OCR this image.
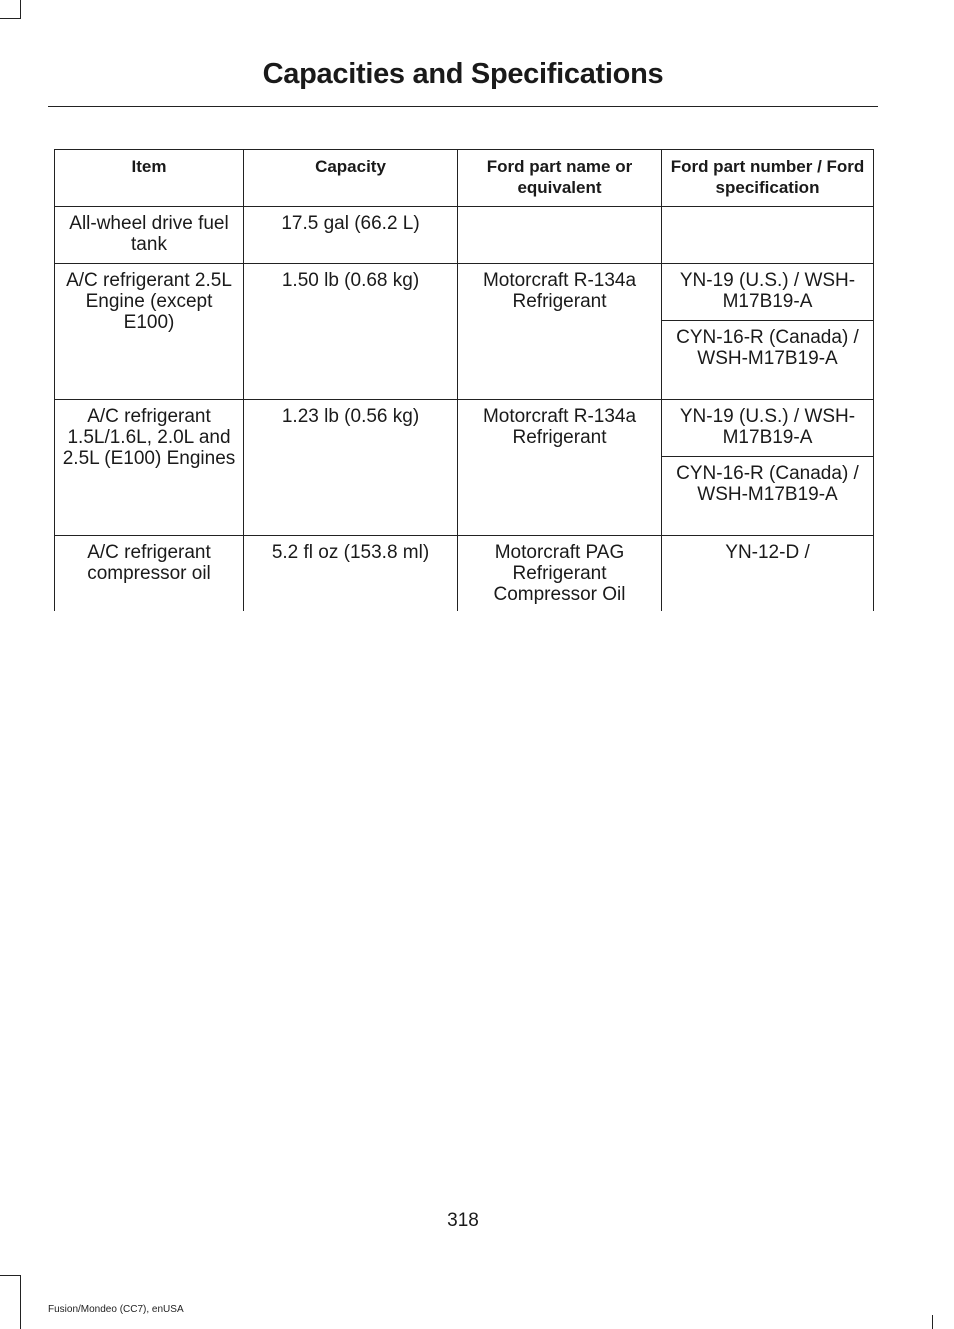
Capacities and Specifications
Item	Capacity	Ford part name or equivalent	Ford part number / Ford specification
All-wheel drive fuel tank	17.5 gal (66.2 L)		
A/C refrigerant 2.5L Engine (except E100)	1.50 lb (0.68 kg)	Motorcraft R-134a Refrigerant	YN-19 (U.S.) / WSH-M17B19-A
			CYN-16-R (Canada) / WSH-M17B19-A
A/C refrigerant 1.5L/1.6L, 2.0L and 2.5L (E100) Engines	1.23 lb (0.56 kg)	Motorcraft R-134a Refrigerant	YN-19 (U.S.) / WSH-M17B19-A
			CYN-16-R (Canada) / WSH-M17B19-A
A/C refrigerant compressor oil	5.2 fl oz (153.8 ml)	Motorcraft PAG Refrigerant Compressor Oil	YN-12-D /
318
Fusion/Mondeo (CC7), enUSA
